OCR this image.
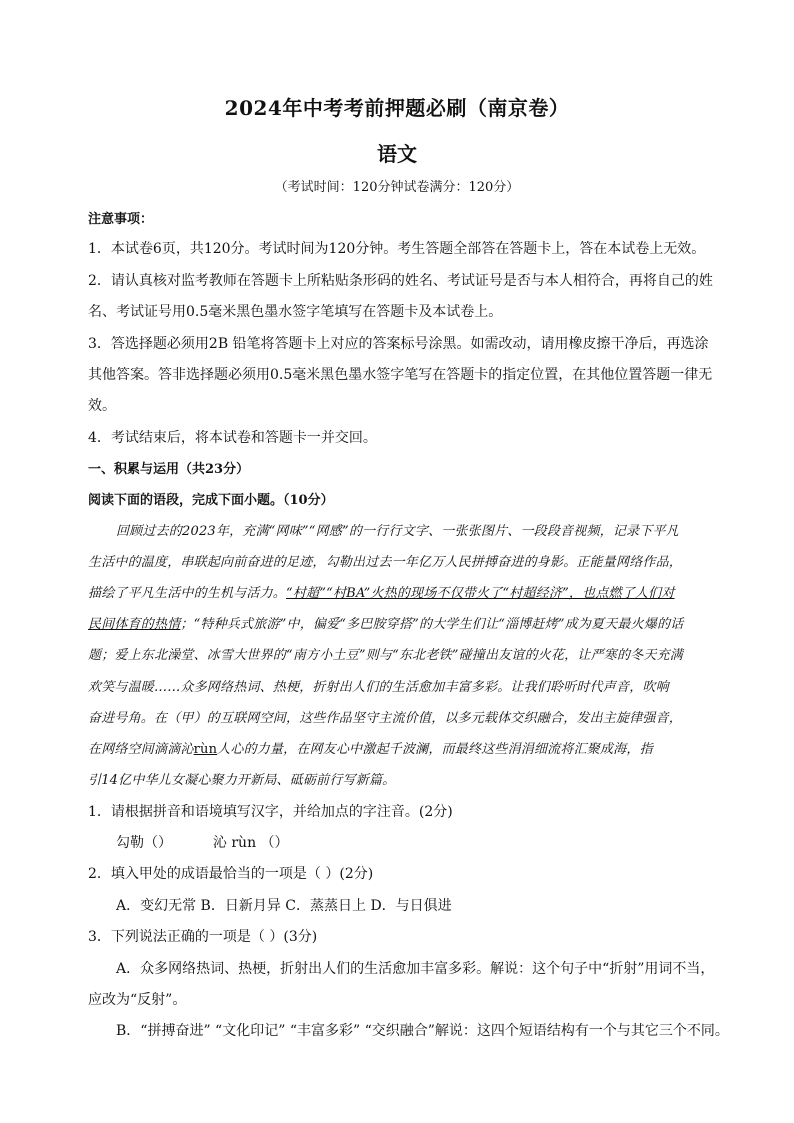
2024年中考考前押题必刷（南京卷）
语文
（考试时间：120分钟试卷满分：120分）
注意事项：
1．本试卷6页，共120分。考试时间为120分钟。考生答题全部答在答题卡上，答在本试卷上无效。
2．请认真核对监考教师在答题卡上所粘贴条形码的姓名、考试证号是否与本人相符合，再将自己的姓
名、考试证号用0.5毫米黑色墨水签字笔填写在答题卡及本试卷上。
3．答选择题必须用2B 铅笔将答题卡上对应的答案标号涂黑。如需改动，请用橡皮擦干净后，再选涂
其他答案。答非选择题必须用0.5毫米黑色墨水签字笔写在答题卡的指定位置，在其他位置答题一律无
效。
4．考试结束后，将本试卷和答题卡一并交回。
一、积累与运用（共23分）
阅读下面的语段，完成下面小题。（10分）
回顾过去的2023年，充满“网味”“网感”的一行行文字、一张张图片、一段段音视频，记录下平凡
生活中的温度，串联起向前奋进的足迹，勾勒出过去一年亿万人民拼搏奋进的身影。正能量网络作品，
描绘了平凡生活中的生机与活力。“村超”“村BA”火热的现场不仅带火了“村超经济”，也点燃了人们对
民间体育的热情；“特种兵式旅游”中，偏爱“多巴胺穿搭”的大学生们让“淄博赶烤”成为夏天最火爆的话
题；爱上东北澡堂、冰雪大世界的“南方小土豆”则与“东北老铁”碰撞出友谊的火花，让严寒的冬天充满
欢笑与温暖……众多网络热词、热梗，折射出人们的生活愈加丰富多彩。让我们聆听时代声音，吹响
奋进号角。在（甲）的互联网空间，这些作品坚守主流价值，以多元载体交织融合，发出主旋律强音，
在网络空间滴滴沁rùn人心的力量，在网友心中激起千波澜，而最终这些涓涓细流将汇聚成海，指
引14亿中华儿女凝心聚力开新局、砥砺前行写新篇。
1．请根据拼音和语境填写汉字，并给加点的字注音。(2分)
勾勒（）	沁 rùn （）
2．填入甲处的成语最恰当的一项是（ ）(2分)
A．变幻无常 B．日新月异 C．蒸蒸日上 D．与日俱进
3．下列说法正确的一项是（ ）(3分)
A．众多网络热词、热梗，折射出人们的生活愈加丰富多彩。解说：这个句子中“折射”用词不当，
应改为“反射”。
B．“拼搏奋进” “文化印记” “丰富多彩” “交织融合”解说：这四个短语结构有一个与其它三个不同。
